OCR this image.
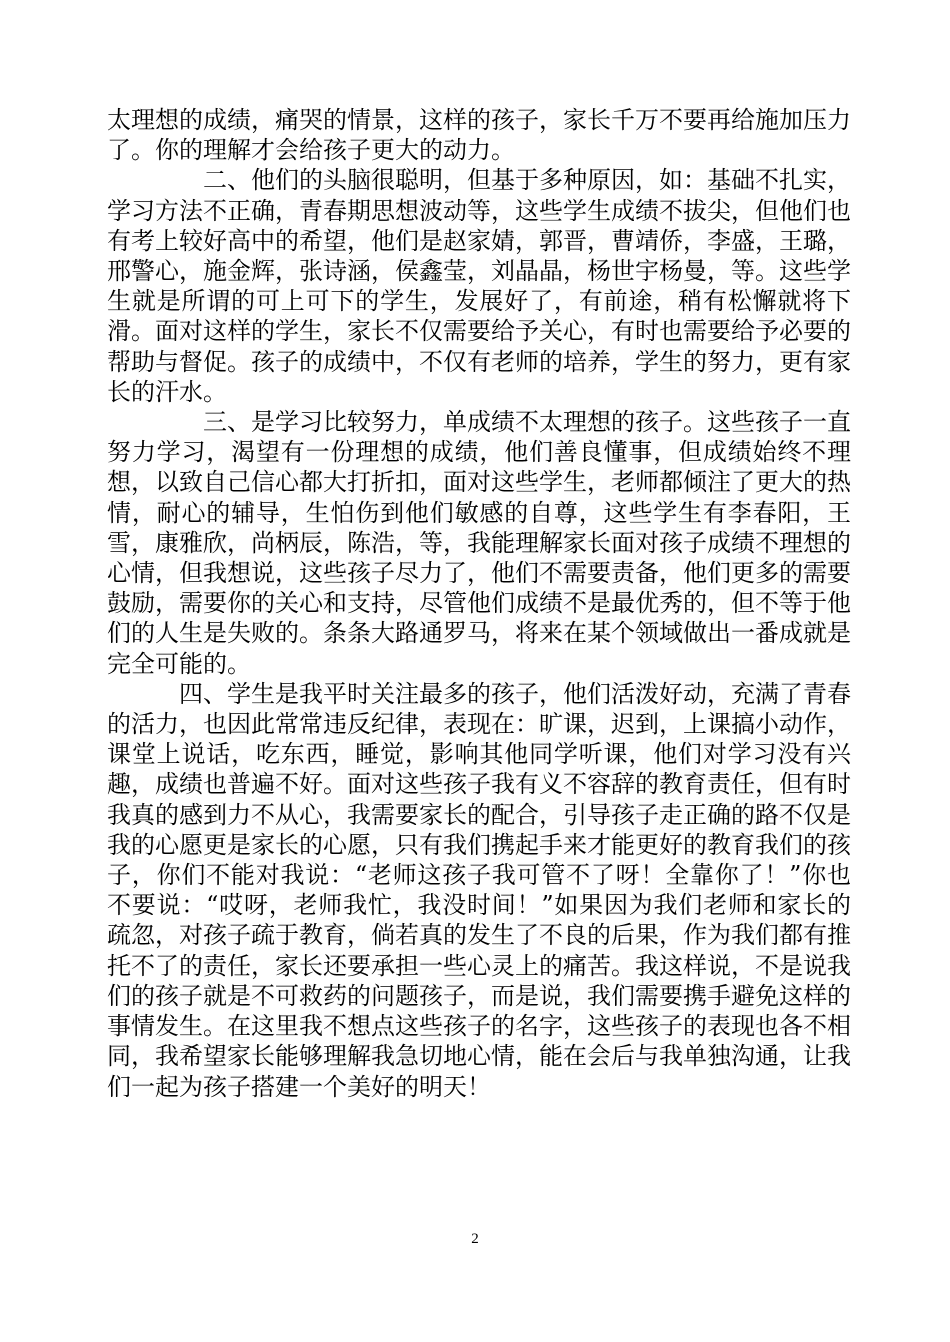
太理想的成绩，痛哭的情景，这样的孩子，家长千万不要再给施加压力了。你的理解才会给孩子更大的动力。

二、他们的头脑很聪明，但基于多种原因，如：基础不扎实，学习方法不正确，青春期思想波动等，这些学生成绩不拔尖，但他们也有考上较好高中的希望，他们是赵家婧，郭晋，曹靖侨，李盛，王璐，邢警心，施金辉，张诗涵，侯鑫莹，刘晶晶，杨世宇杨曼，等。这些学生就是所谓的可上可下的学生，发展好了，有前途，稍有松懈就将下滑。面对这样的学生，家长不仅需要给予关心，有时也需要给予必要的帮助与督促。孩子的成绩中，不仅有老师的培养，学生的努力，更有家长的汗水。

三、是学习比较努力，单成绩不太理想的孩子。这些孩子一直努力学习，渴望有一份理想的成绩，他们善良懂事，但成绩始终不理想，以致自己信心都大打折扣，面对这些学生，老师都倾注了更大的热情，耐心的辅导，生怕伤到他们敏感的自尊，这些学生有李春阳，王雪，康雅欣，尚柄辰，陈浩，等，我能理解家长面对孩子成绩不理想的心情，但我想说，这些孩子尽力了，他们不需要责备，他们更多的需要鼓励，需要你的关心和支持，尽管他们成绩不是最优秀的，但不等于他们的人生是失败的。条条大路通罗马，将来在某个领域做出一番成就是完全可能的。

四、学生是我平时关注最多的孩子，他们活泼好动，充满了青春的活力，也因此常常违反纪律，表现在：旷课，迟到，上课搞小动作，课堂上说话，吃东西，睡觉，影响其他同学听课，他们对学习没有兴趣，成绩也普遍不好。面对这些孩子我有义不容辞的教育责任，但有时我真的感到力不从心，我需要家长的配合，引导孩子走正确的路不仅是我的心愿更是家长的心愿，只有我们携起手来才能更好的教育我们的孩子，你们不能对我说：“老师这孩子我可管不了呀！全靠你了！”你也不要说：“哎呀，老师我忙，我没时间！”如果因为我们老师和家长的疏忽，对孩子疏于教育，倘若真的发生了不良的后果，作为我们都有推托不了的责任，家长还要承担一些心灵上的痛苦。我这样说，不是说我们的孩子就是不可救药的问题孩子，而是说，我们需要携手避免这样的事情发生。在这里我不想点这些孩子的名字，这些孩子的表现也各不相同，我希望家长能够理解我急切地心情，能在会后与我单独沟通，让我们一起为孩子搭建一个美好的明天！

2
